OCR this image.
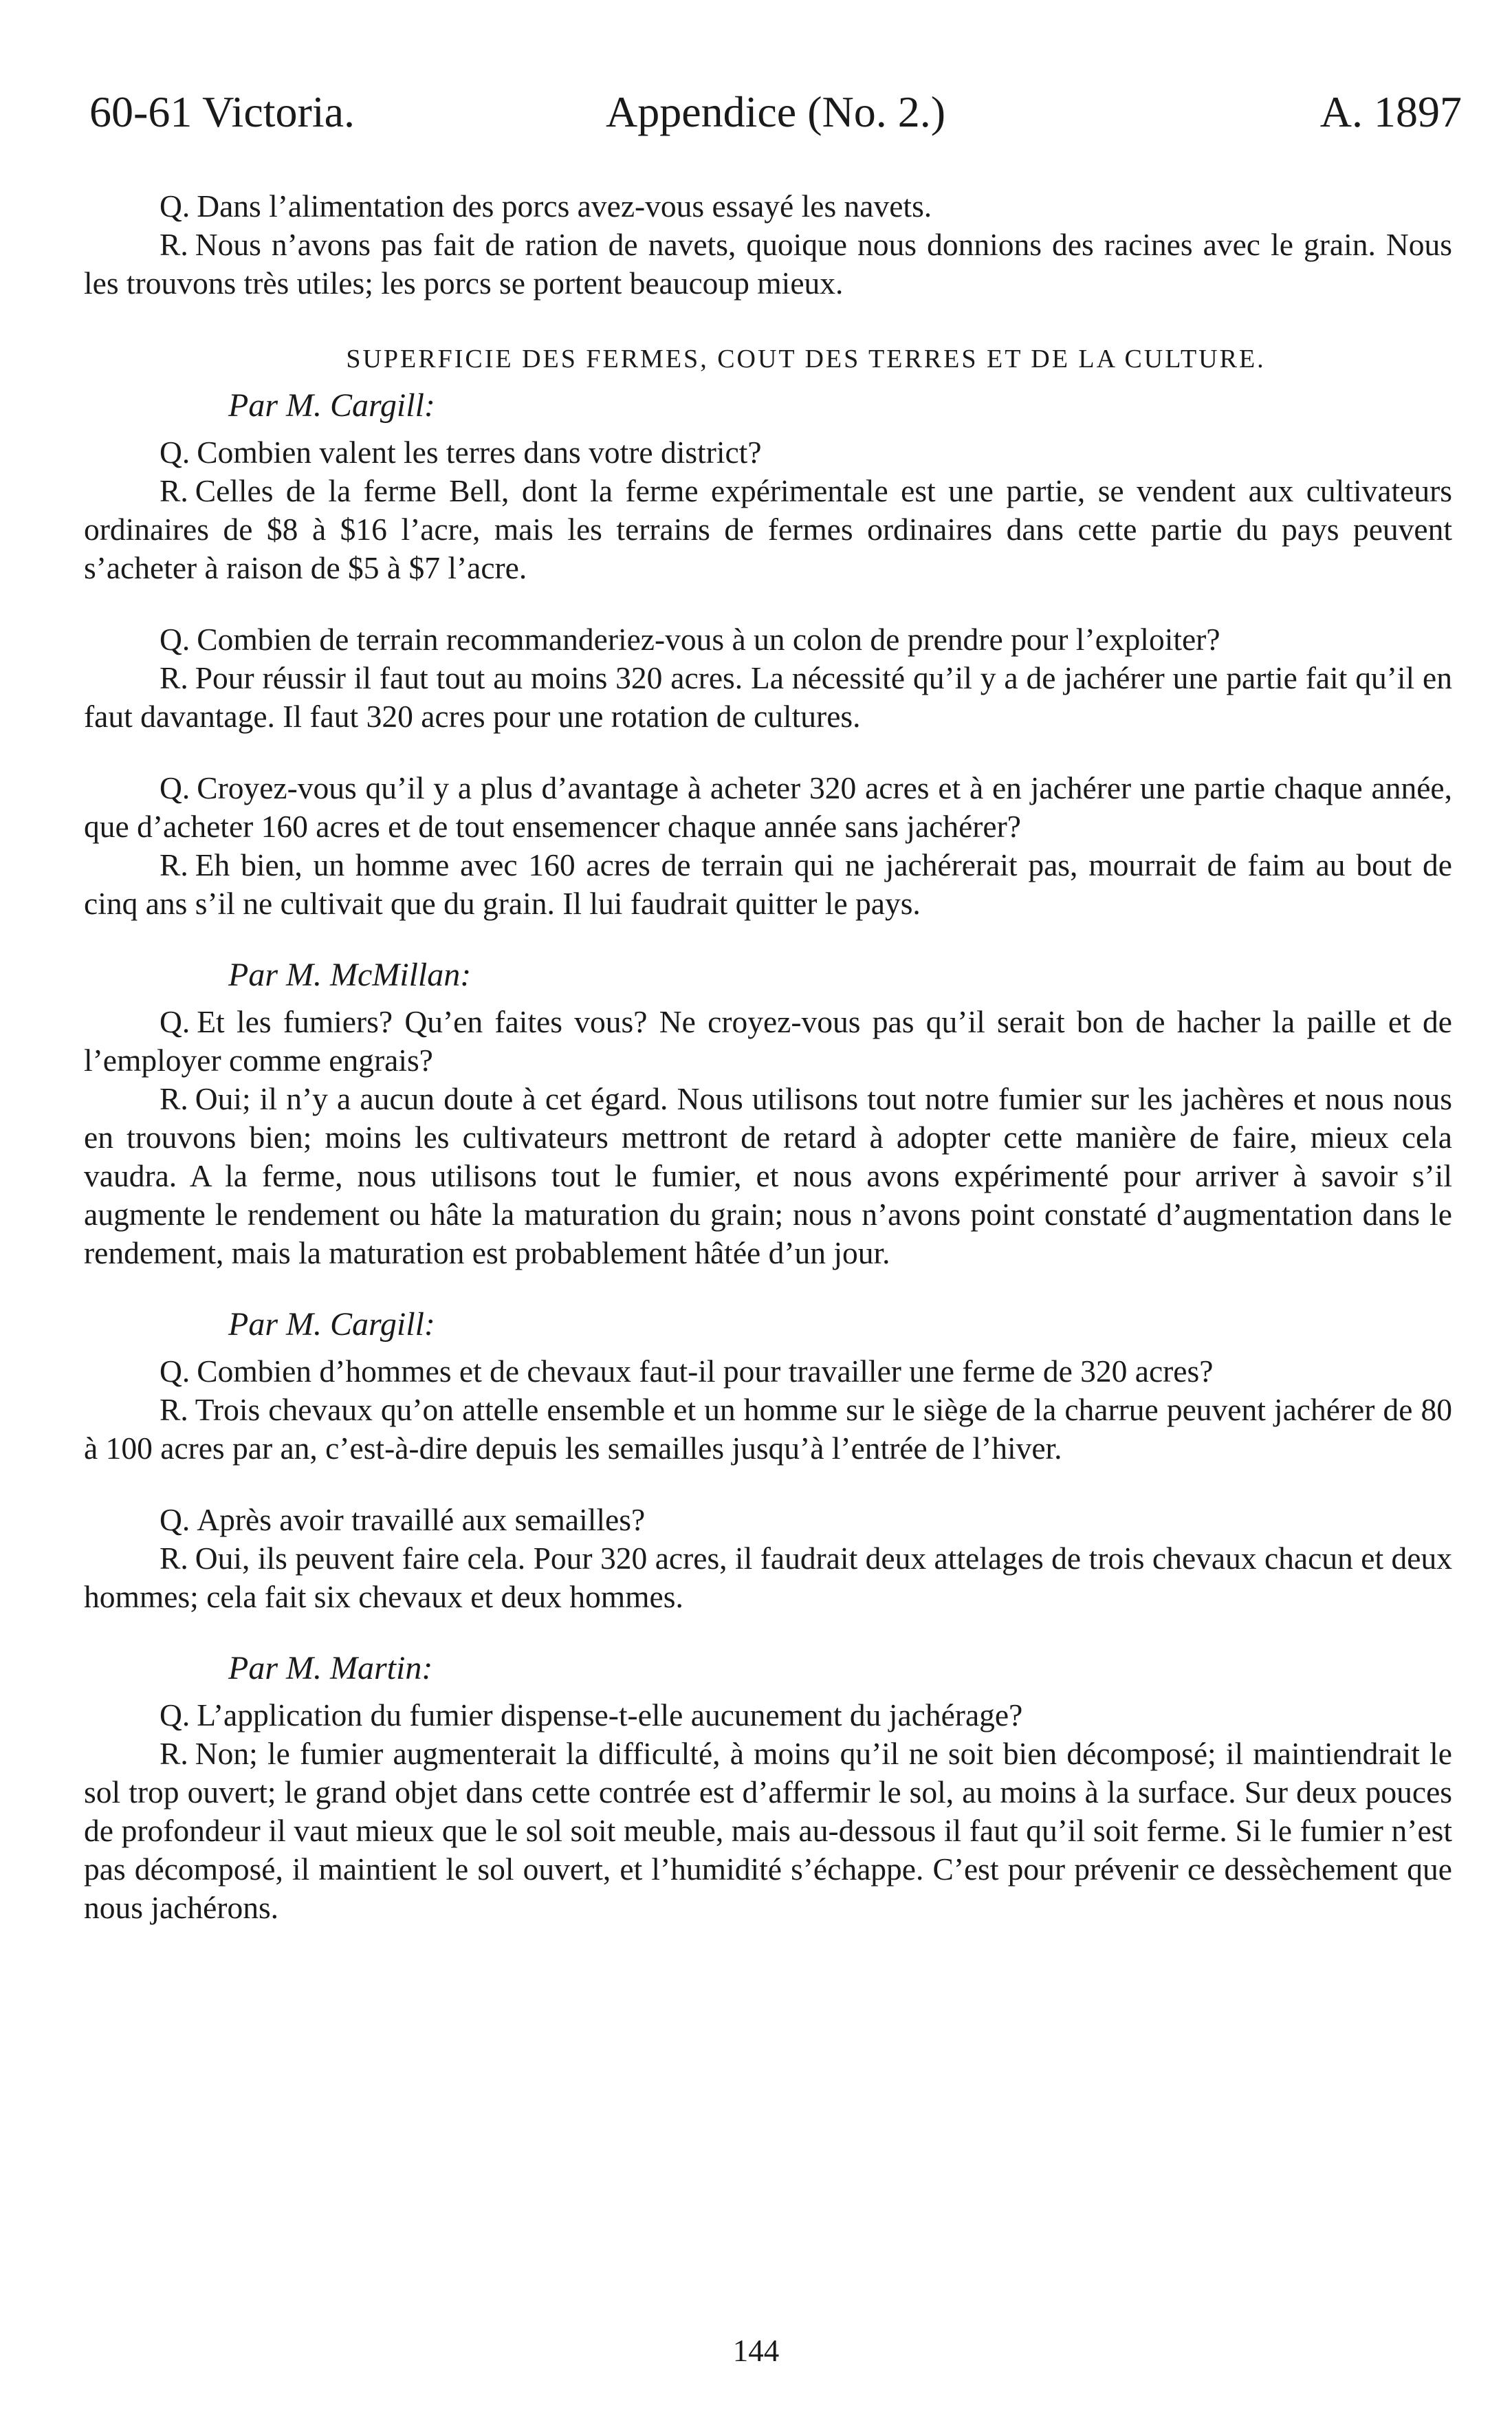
60-61 Victoria.	Appendice (No. 2.)	A. 1897

Q. Dans l’alimentation des porcs avez-vous essayé les navets.

R. Nous n’avons pas fait de ration de navets, quoique nous donnions des racines avec le grain. Nous les trouvons très utiles; les porcs se portent beaucoup mieux.

SUPERFICIE DES FERMES, COUT DES TERRES ET DE LA CULTURE.

Par M. Cargill:

Q. Combien valent les terres dans votre district?

R. Celles de la ferme Bell, dont la ferme expérimentale est une partie, se vendent aux cultivateurs ordinaires de $8 à $16 l’acre, mais les terrains de fermes ordinaires dans cette partie du pays peuvent s’acheter à raison de $5 à $7 l’acre.

Q. Combien de terrain recommanderiez-vous à un colon de prendre pour l’exploiter?

R. Pour réussir il faut tout au moins 320 acres. La nécessité qu’il y a de jachérer une partie fait qu’il en faut davantage. Il faut 320 acres pour une rotation de cultures.

Q. Croyez-vous qu’il y a plus d’avantage à acheter 320 acres et à en jachérer une partie chaque année, que d’acheter 160 acres et de tout ensemencer chaque année sans jachérer?

R. Eh bien, un homme avec 160 acres de terrain qui ne jachérerait pas, mourrait de faim au bout de cinq ans s’il ne cultivait que du grain. Il lui faudrait quitter le pays.

Par M. McMillan:

Q. Et les fumiers? Qu’en faites vous? Ne croyez-vous pas qu’il serait bon de hacher la paille et de l’employer comme engrais?

R. Oui; il n’y a aucun doute à cet égard. Nous utilisons tout notre fumier sur les jachères et nous nous en trouvons bien; moins les cultivateurs mettront de retard à adopter cette manière de faire, mieux cela vaudra. A la ferme, nous utilisons tout le fumier, et nous avons expérimenté pour arriver à savoir s’il augmente le rendement ou hâte la maturation du grain; nous n’avons point constaté d’augmentation dans le rendement, mais la maturation est probablement hâtée d’un jour.

Par M. Cargill:

Q. Combien d’hommes et de chevaux faut-il pour travailler une ferme de 320 acres?

R. Trois chevaux qu’on attelle ensemble et un homme sur le siège de la charrue peuvent jachérer de 80 à 100 acres par an, c’est-à-dire depuis les semailles jusqu’à l’entrée de l’hiver.

Q. Après avoir travaillé aux semailles?

R. Oui, ils peuvent faire cela. Pour 320 acres, il faudrait deux attelages de trois chevaux chacun et deux hommes; cela fait six chevaux et deux hommes.

Par M. Martin:

Q. L’application du fumier dispense-t-elle aucunement du jachérage?

R. Non; le fumier augmenterait la difficulté, à moins qu’il ne soit bien décomposé; il maintiendrait le sol trop ouvert; le grand objet dans cette contrée est d’affermir le sol, au moins à la surface. Sur deux pouces de profondeur il vaut mieux que le sol soit meuble, mais au-dessous il faut qu’il soit ferme. Si le fumier n’est pas décomposé, il maintient le sol ouvert, et l’humidité s’échappe. C’est pour prévenir ce dessèchement que nous jachérons.

144
